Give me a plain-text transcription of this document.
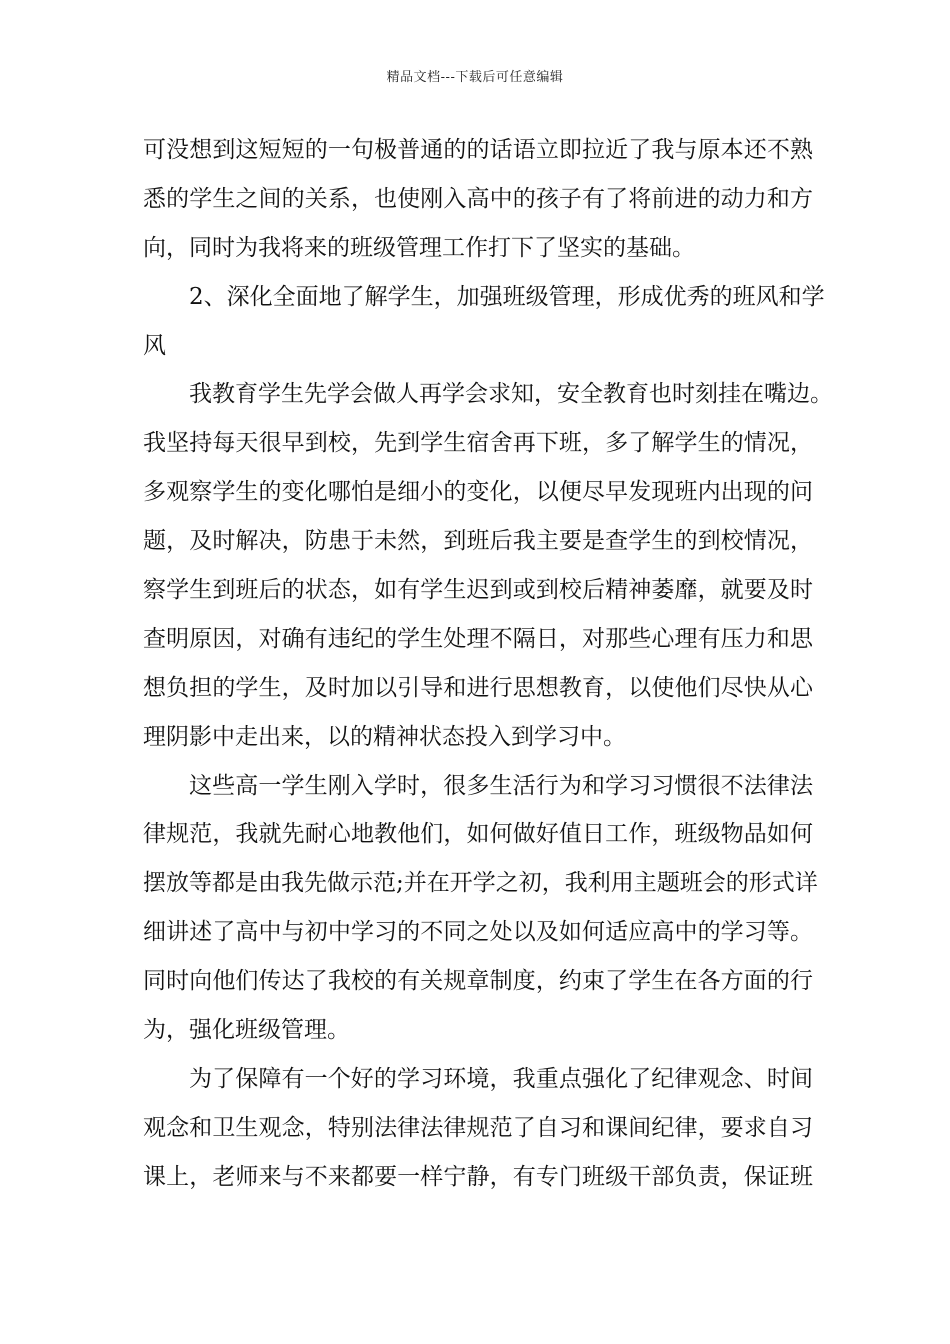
精品文档---下载后可任意编辑
可没想到这短短的一句极普通的的话语立即拉近了我与原本还不熟
悉的学生之间的关系，也使刚入高中的孩子有了将前进的动力和方
向，同时为我将来的班级管理工作打下了坚实的基础。
2、深化全面地了解学生，加强班级管理，形成优秀的班风和学
风
我教育学生先学会做人再学会求知，安全教育也时刻挂在嘴边。
我坚持每天很早到校，先到学生宿舍再下班，多了解学生的情况，
多观察学生的变化哪怕是细小的变化，以便尽早发现班内出现的问
题，及时解决，防患于未然，到班后我主要是查学生的到校情况，
察学生到班后的状态，如有学生迟到或到校后精神萎靡，就要及时
查明原因，对确有违纪的学生处理不隔日，对那些心理有压力和思
想负担的学生，及时加以引导和进行思想教育，以使他们尽快从心
理阴影中走出来，以的精神状态投入到学习中。
这些高一学生刚入学时，很多生活行为和学习习惯很不法律法
律规范，我就先耐心地教他们，如何做好值日工作，班级物品如何
摆放等都是由我先做示范;并在开学之初，我利用主题班会的形式详
细讲述了高中与初中学习的不同之处以及如何适应高中的学习等。
同时向他们传达了我校的有关规章制度，约束了学生在各方面的行
为，强化班级管理。
为了保障有一个好的学习环境，我重点强化了纪律观念、时间
观念和卫生观念，特别法律法律规范了自习和课间纪律，要求自习
课上，老师来与不来都要一样宁静，有专门班级干部负责，保证班
